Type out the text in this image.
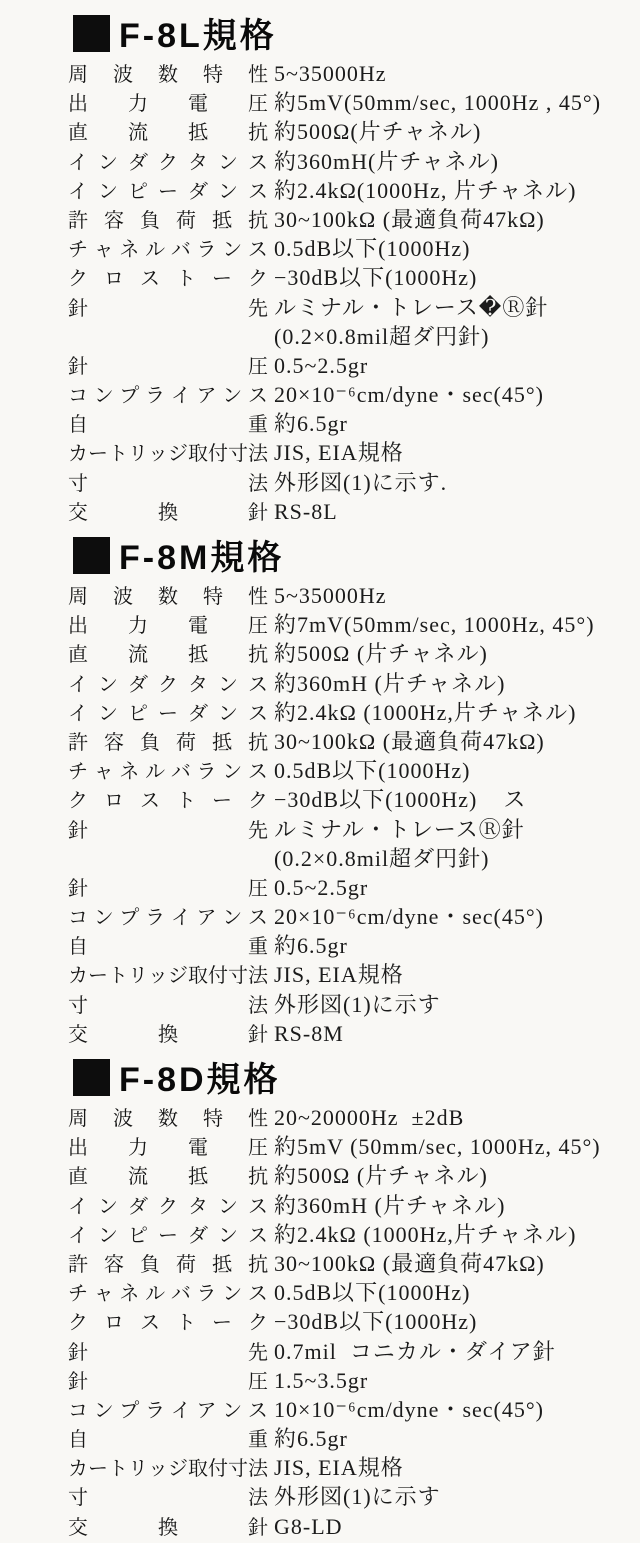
F-8L規格
周 波 数 特 性 5~35000Hz
出 力 電 圧 約5mV(50mm/sec, 1000Hz , 45°)
直 流 抵 抗 約500Ω(片チャネル)
イ ン ダ ク タ ン ス 約360mH(片チャネル)
イ ン ピ ー ダ ン ス 約2.4kΩ(1000Hz, 片チャネル)
許 容 負 荷 抵 抗 30~100kΩ (最適負荷47kΩ)
チ ャ ネ ル バ ラ ン ス 0.5dB以下(1000Hz)
ク ロ ス ト ー ク −30dB以下(1000Hz)
針	先 ルミナル・トレース�Ⓡ針
(0.2×0.8mil超ダ円針)
針	圧 0.5~2.5gr
コ ン プ ラ イ ア ン ス 20×10⁻⁶cm/dyne・sec(45°)
自	重 約6.5gr
カ ー ト リ ッ ジ 取 付 寸 法 JIS, EIA規格
寸	法 外形図(1)に示す.
交	換	針 RS-8L
F-8M規格
周 波 数 特 性 5~35000Hz
出 力 電 圧 約7mV(50mm/sec, 1000Hz, 45°)
直 流 抵 抗 約500Ω (片チャネル)
イ ン ダ ク タ ン ス 約360mH (片チャネル)
イ ン ピ ー ダ ン ス 約2.4kΩ (1000Hz,片チャネル)
許 容 負 荷 抵 抗 30~100kΩ (最適負荷47kΩ)
チ ャ ネ ル バ ラ ン ス 0.5dB以下(1000Hz)
ク ロ ス ト ー ク −30dB以下(1000Hz)    ス
針	先 ルミナル・トレースⓇ針
(0.2×0.8mil超ダ円針)
針	圧 0.5~2.5gr
コ ン プ ラ イ ア ン ス 20×10⁻⁶cm/dyne・sec(45°)
自	重 約6.5gr
カ ー ト リ ッ ジ 取 付 寸 法 JIS, EIA規格
寸	法 外形図(1)に示す
交	換	針 RS-8M
F-8D規格
周 波 数 特 性 20~20000Hz  ±2dB
出 力 電 圧 約5mV (50mm/sec, 1000Hz, 45°)
直 流 抵 抗 約500Ω (片チャネル)
イ ン ダ ク タ ン ス 約360mH (片チャネル)
イ ン ピ ー ダ ン ス 約2.4kΩ (1000Hz,片チャネル)
許 容 負 荷 抵 抗 30~100kΩ (最適負荷47kΩ)
チ ャ ネ ル バ ラ ン ス 0.5dB以下(1000Hz)
ク ロ ス ト ー ク −30dB以下(1000Hz)
針	先 0.7mil  コニカル・ダイア針
針	圧 1.5~3.5gr
コ ン プ ラ イ ア ン ス 10×10⁻⁶cm/dyne・sec(45°)
自	重 約6.5gr
カ ー ト リ ッ ジ 取 付 寸 法 JIS, EIA規格
寸	法 外形図(1)に示す
交	換	針 G8-LD
